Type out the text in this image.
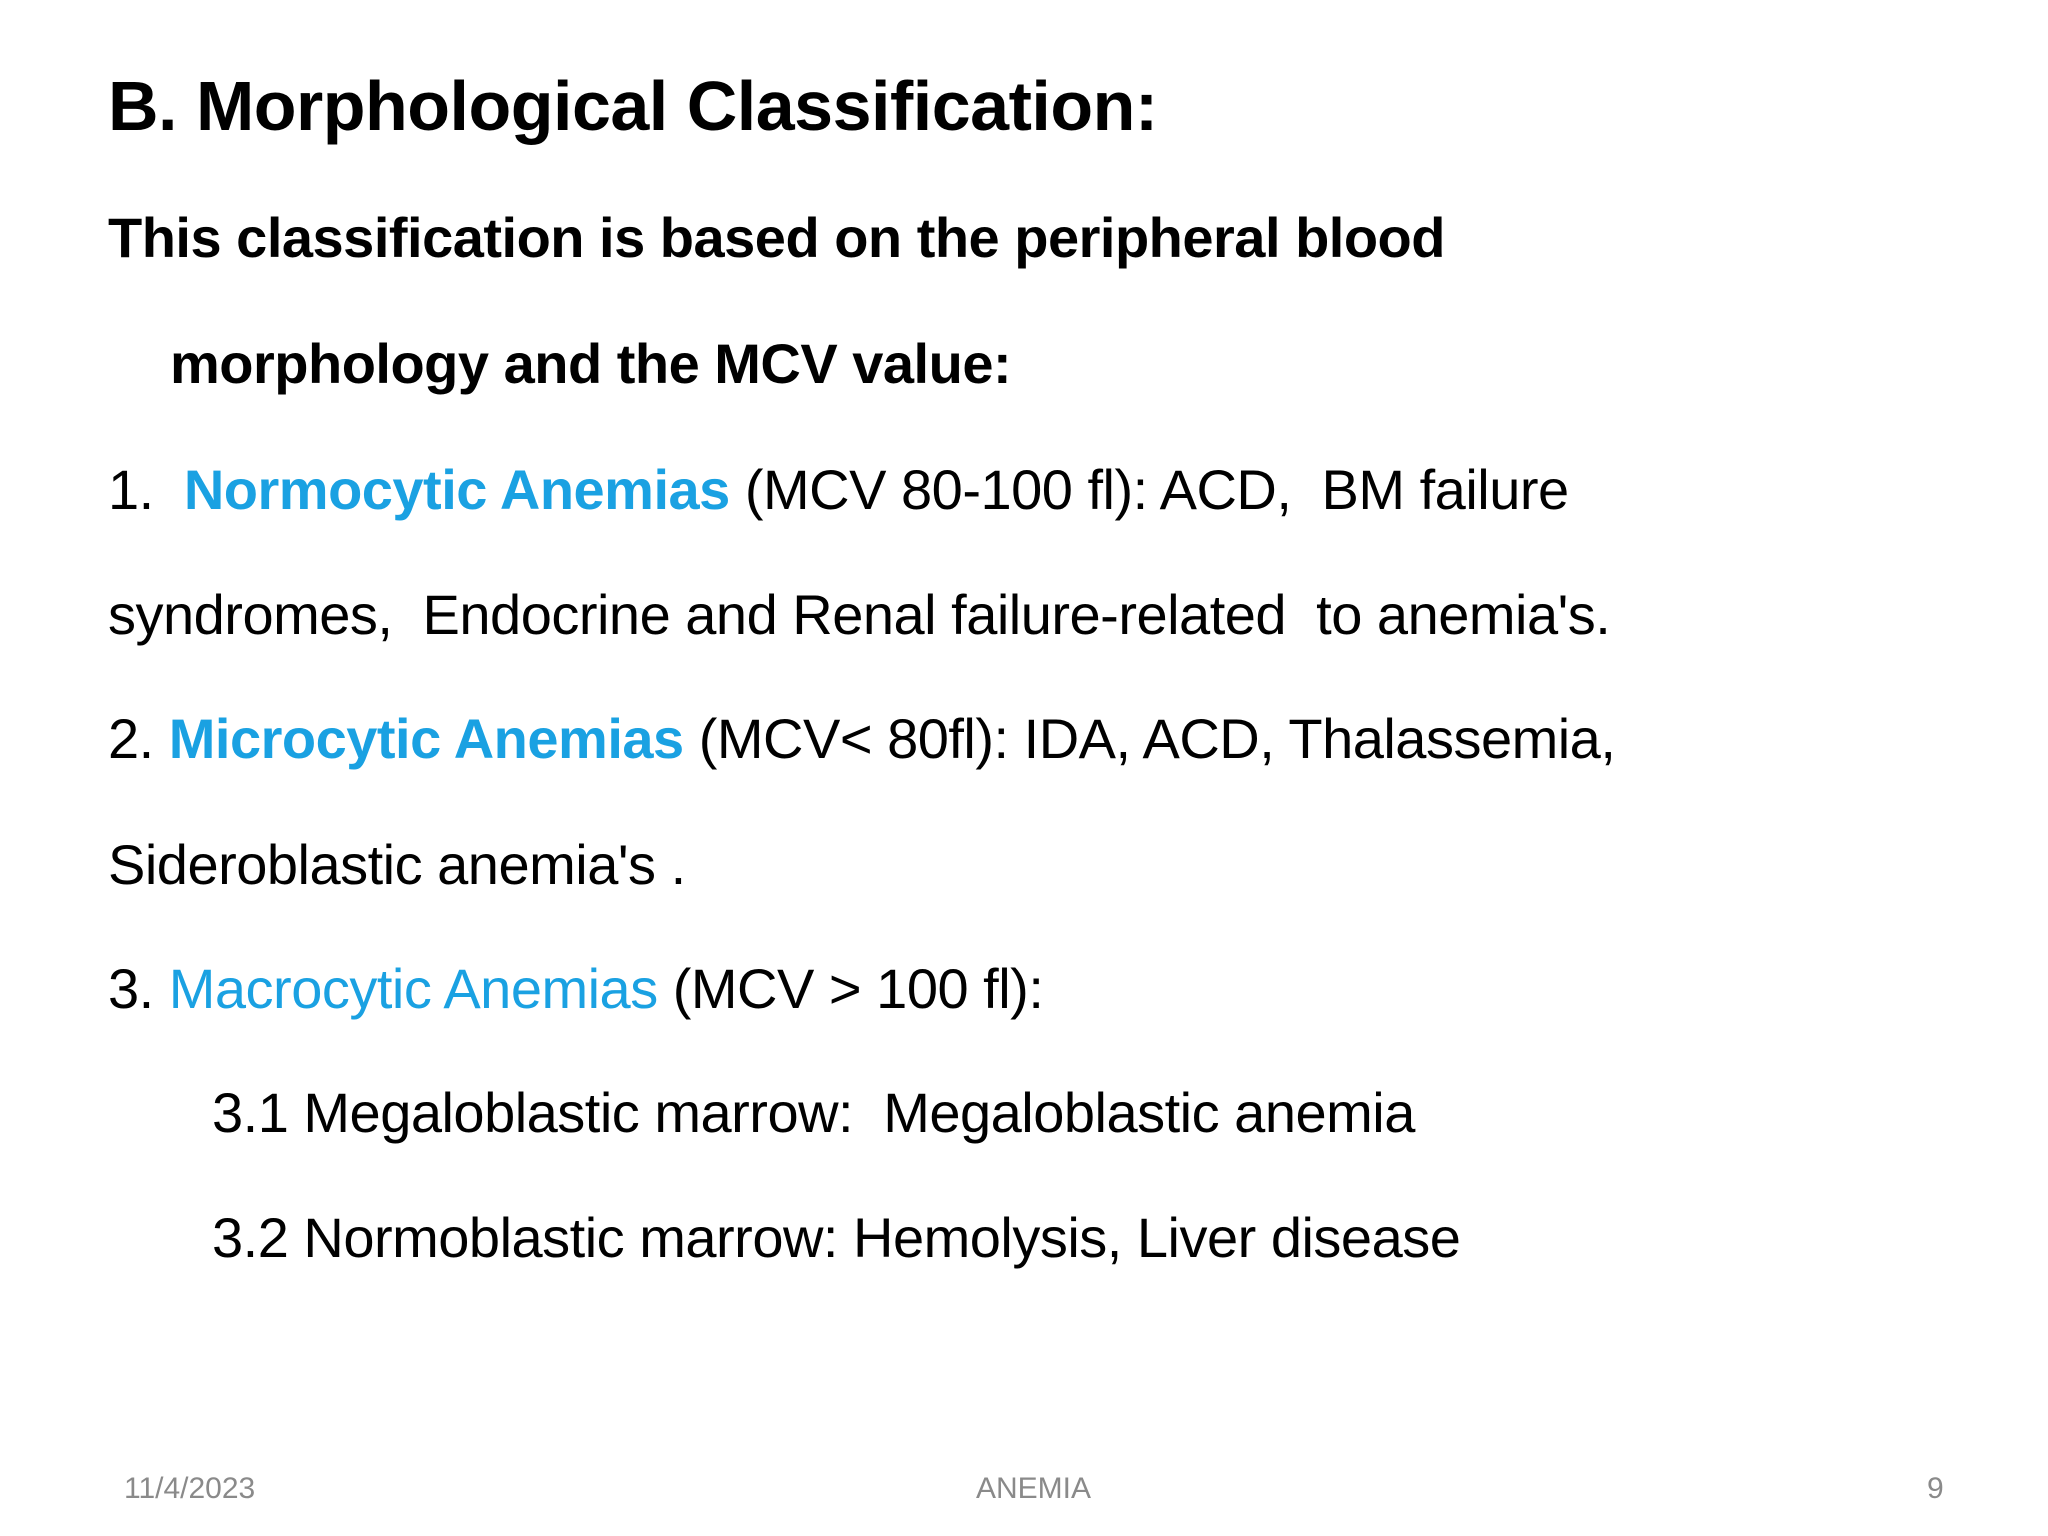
B. Morphological Classification:
This classification is based on the peripheral blood
morphology and the MCV value:
1.  Normocytic Anemias (MCV 80-100 fl): ACD,  BM failure
syndromes,  Endocrine and Renal failure-related  to anemia's.
2. Microcytic Anemias (MCV< 80fl): IDA, ACD, Thalassemia,
Sideroblastic anemia's .
3. Macrocytic Anemias (MCV > 100 fl):
3.1 Megaloblastic marrow:  Megaloblastic anemia
3.2 Normoblastic marrow: Hemolysis, Liver disease
11/4/2023	ANEMIA	9
